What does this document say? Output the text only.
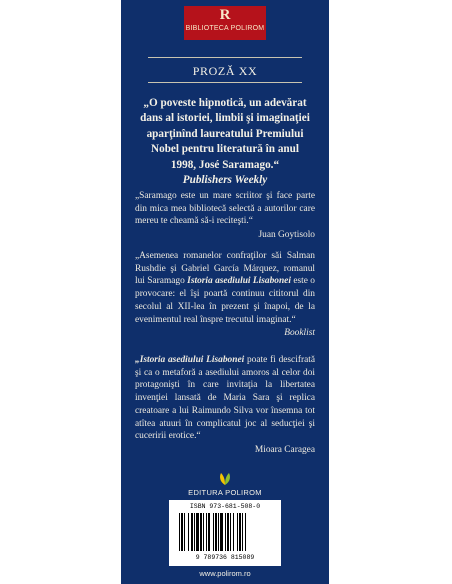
R
BIBLIOTECA POLIROM
PROZĂ XX
„O poveste hipnotică, un adevărat dans al istoriei, limbii şi imaginaţiei aparţinînd laureatului Premiului Nobel pentru literatură în anul 1998, José Saramago.“
Publishers Weekly
„Saramago este un mare scriitor şi face parte din mica mea bibliotecă selectă a autorilor care mereu te cheamă să-i reciteşti.“
Juan Goytisolo
„Asemenea romanelor confraţilor săi Salman Rushdie şi Gabriel García Márquez, romanul lui Saramago Istoria asediului Lisabonei este o provocare: el îşi poartă continuu cititorul din secolul al XII-lea în prezent şi înapoi, de la evenimentul real înspre trecutul imaginat.“
Booklist
„Istoria asediului Lisabonei poate fi descifrată şi ca o metaforă a asediului amoros al celor doi protagonişti în care invitaţia la libertatea invenţiei lansată de Maria Sara şi replica creatoare a lui Raimundo Silva vor însemna tot atîtea atuuri în complicatul joc al seducţiei şi cuceririi erotice.“
Mioara Caragea
EDITURA POLIROM
ISBN 973-681-508-0
9 789736 815089
www.polirom.ro
